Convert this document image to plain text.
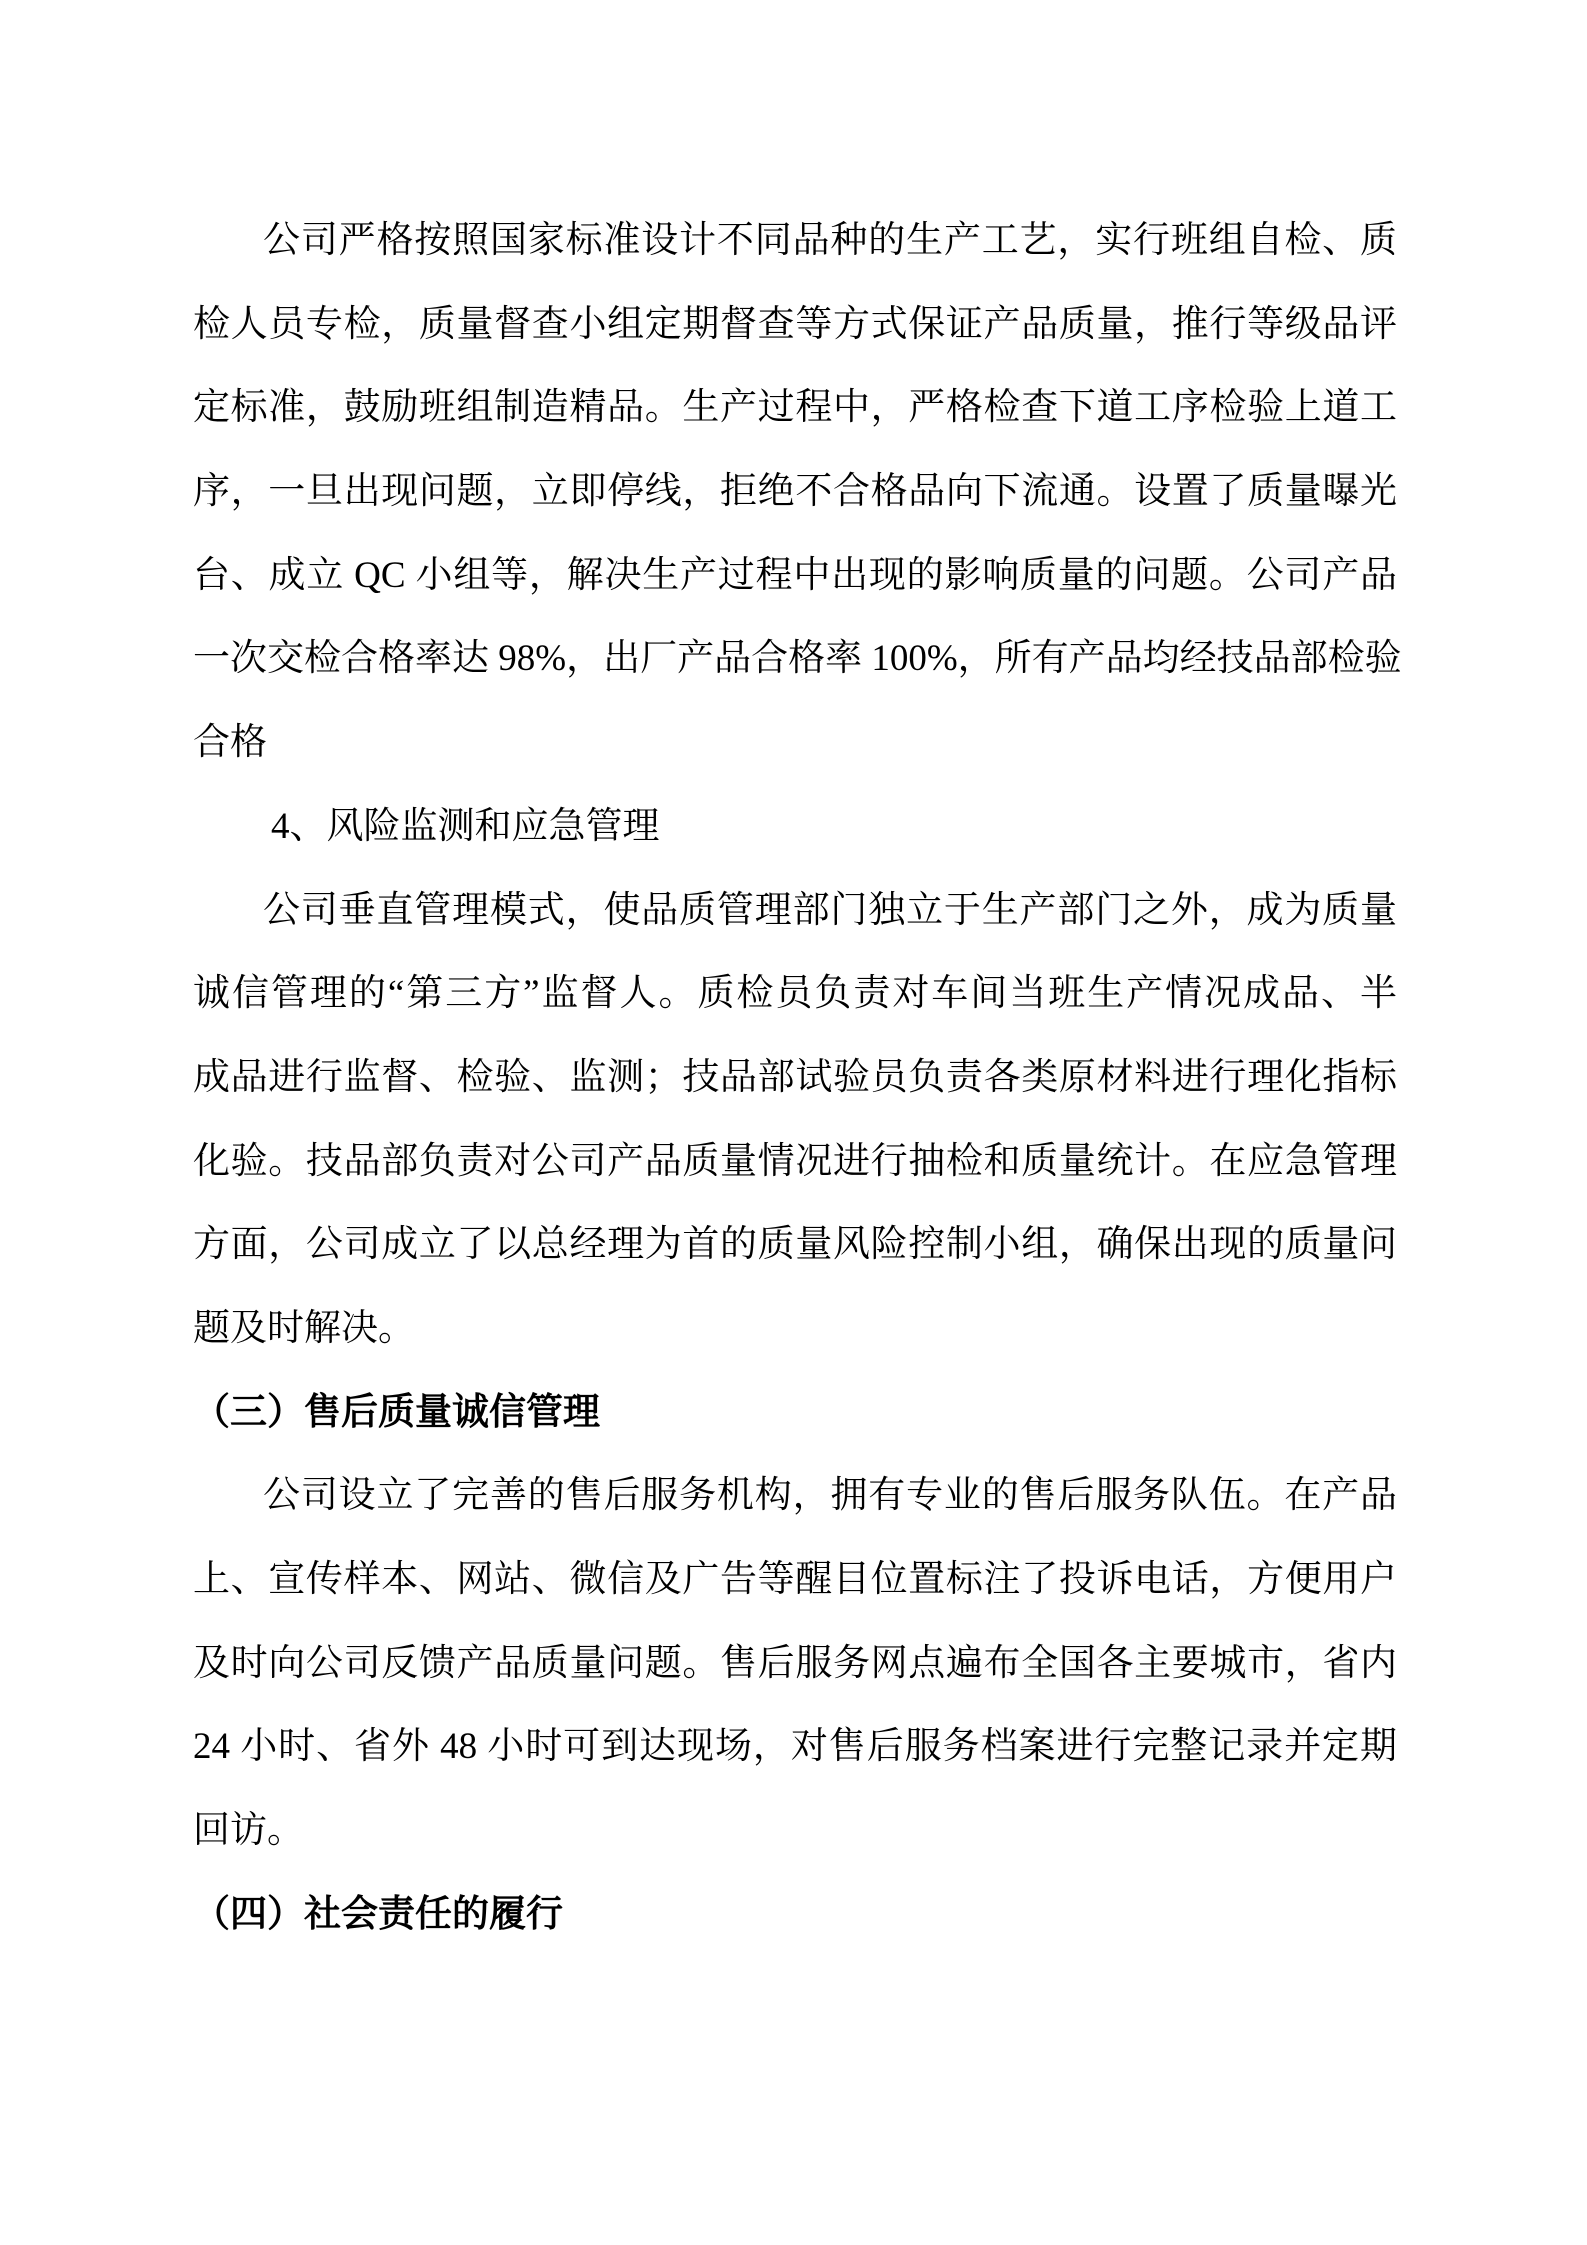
公司严格按照国家标准设计不同品种的生产工艺，实行班组自检、质
检人员专检，质量督查小组定期督查等方式保证产品质量，推行等级品评
定标准，鼓励班组制造精品。生产过程中，严格检查下道工序检验上道工
序，一旦出现问题，立即停线，拒绝不合格品向下流通。设置了质量曝光
台、成立 QC 小组等，解决生产过程中出现的影响质量的问题。公司产品
一次交检合格率达 98%，出厂产品合格率 100%，所有产品均经技品部检验
合格
4、风险监测和应急管理
公司垂直管理模式，使品质管理部门独立于生产部门之外，成为质量
诚信管理的“第三方”监督人。质检员负责对车间当班生产情况成品、半
成品进行监督、检验、监测；技品部试验员负责各类原材料进行理化指标
化验。技品部负责对公司产品质量情况进行抽检和质量统计。在应急管理
方面，公司成立了以总经理为首的质量风险控制小组，确保出现的质量问
题及时解决。
（三）售后质量诚信管理
公司设立了完善的售后服务机构，拥有专业的售后服务队伍。在产品
上、宣传样本、网站、微信及广告等醒目位置标注了投诉电话，方便用户
及时向公司反馈产品质量问题。售后服务网点遍布全国各主要城市，省内
24 小时、省外 48 小时可到达现场，对售后服务档案进行完整记录并定期
回访。
（四）社会责任的履行
